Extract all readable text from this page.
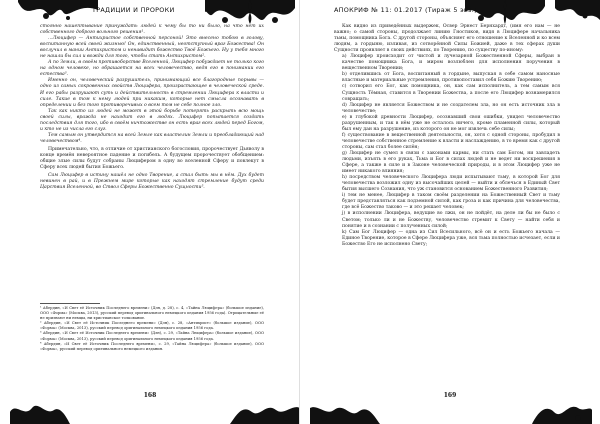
ТРАДИЦИИ И ПРОРОКИ

стоянно нашептывание принуждать людей к чему бы то ни было, на что нет их собственного доброго вольного решения¹.

…Люцифер — Антихристое собственной персоной! Это внесено тобою в голову, воспитанную всей своей жизнью! Он, единственный, неотступный враг Божества! Он вослучил в мании Антихристом и ненавидит божество Твоё Божьего. Ну у тебя много не нашли бы сил и вожди для того, чтобы стать Антихристом².

А по Земли, в своём противоборстве Вселенной, Люцифер побуждает не только кого на одном человеке, но обрашается на всех человечество, ведя его в понимании его естества³.

Именно он, человеческий разрушитель, принимающий все благородные порывы — одно из самых сокровенных свойств Люцифера, произрастающее в человеческой среде. И его рабы разрушают суть и действительность в стремлении Люцифера к власти и силе. Такие в том к нему людей при никаким, которые нет смысла осознавать в определении и без того противоречивых о всем том не себе полное зло.

Так как никто из людей не может в этой борьбе потерять раскрыть всю мощь своей силы, вражда не находит его в людях. Люцифер попытается создать последствия для того, ибо в своём ничтожестве он есть враг всех людей перед Богом, и кто не из числа его слуг.

Тем самым он утвердится на всей Земле как властелин Земли и преобладающий над человечеством⁴.

Примечательно, что, в отличие от христианского богословия, пророчествует Дьяволу в конце времён невероятное падение и погибель. А будущем пророчествует обобщением: общие злые силы будут собраны Люцифером в одну во вселенной Сферу и повлекут в Сферу всех людей бытия Божьего.

Сам Люцифер в истину нашёл не одно Творение, а стал быть мы в нём. Дух будет невинен в рай, и в Прежнем мире которые как находят стремление будут среди Царствия Вселенной, во Ствол Сферы Божественно Сущности⁵.

¹ Абердин, «И Свет её Источник Последнего времени» (Дэн, д. 28), с. 4, «Тайна Люцифера» (большое издание), ООО «Форма» (Москва, 2013), русский перевод оригинального немецкого издания 1956 года). Отрицательные её не признают ни немцы, ни христианское толкование.

² Абердин, «И Свет её Источник Последнего времени» (Дэн), с. 28, «Антихрист» (большое издание), ООО «Форма» (Москва, 2013), русский перевод оригинального немецкого издания 1956 года.

³ Абердин, «И Свет её Источник Последнего времени» (Дэн), с. 29, «Тайна Люцифера» (большое издание), ООО «Форма» (Москва, 2013), русский перевод оригинального немецкого издания 1956 года.

⁴ Абердин, «И Свет её Источник Последнего времени», с. 29, «Тайна Люцифера» (большое издание), ООО «Форма», русский перевод оригинального немецкого издания.

168
АПОКРИФ № 11: 01.2017 (Тираж 5 экз.)

Как видно из приведённых выдержек, Освер Эрнест Бернхардт, (имя его нам — не важно; о самой стороны, продолжает линию Гностиков, видя в Люцифере начальника тьмы, помощника Бога. С другой стороны, объясняет его отношение к Вселенной и ко всем людям, а гордыню, изливая, из сотворённой Силы Божией, даже в тех сферах души Сущности проявляет в своих действиях, по Творению, по существу по-иному:

a) Люцифер происходит от чистой и лучезарной Божественной Сферы, выбран в качестве помощника Бога, и миром возлюблен для исполнения поручения в вещественном Творении;

b) отделившись от Бога, воспитанный в гордыне, выпуская в себе самом наносные властные и материальные устремления, противопоставил себя Божию Творению;

c) сотворил его Бог, как помощника, он, как сам исполнитель, а тем самым вся Сущность Тёмная, ставится в Творении Божества, а после его Люцифер вознамерился совращать;

d) Люцифер не является Божеством и не создателем зла, но он есть источник зла в человечестве;

e) в глубокой древности Люцифер, осознавший свои ошибки, увидел человечество разрушенным, и так в нём уже не осталось ничего, кроме пламенной силы, который был ему дан на разрушение, из которого он не мог извлечь себе силы;

f) существование в вещественной деятельности, он, хотя с одной стороны, пробудил в человечестве собственное стремление к власти и наслаждению, в то время как с другой стороны, сам стал более силён;

g) Люцифер не сумел в связи с законами кармы, ни стать сам Богом, ни завладеть людьми, изъять в его руках, Тьма и Бог в силах людей и не ведет ни воскрешения в Сфере, а также в силе и в Законе человеческой природы, и в этом Люцифер уже не имеет никакого влияния;

h) посредством человеческого Люцифера люди испытывают тьму, в которой Бог для человечества возложил одну из высочайших целей — выйти и облечься в Единый Свет бытия высшего Сознания, что уж становится основанием Божественного Развития;

i) тем не менее, Люцифер в таком своём разделении на Божественный Свет и тьму будет представляться как подземной силой, как гроза и как причина для человечества, где всё Божество таково — и это решает человек;

j) в исполнении Люцифера, ведущие во лжи, он не пойдёт, на деле ли бы не было с Светом; только ли и не Божеству, человечество стремит к Свету — найти себя и понятие и в сознании с полученных силой;

k) Сам Бог Люцифер — одна из Сил Всесильного, всё он и есть Божьего начала — Единое Творение, которое в Сфере Люцифера уже, вся тьма полностью исчезает, если и Божество Его не исполнено Свету;

169
